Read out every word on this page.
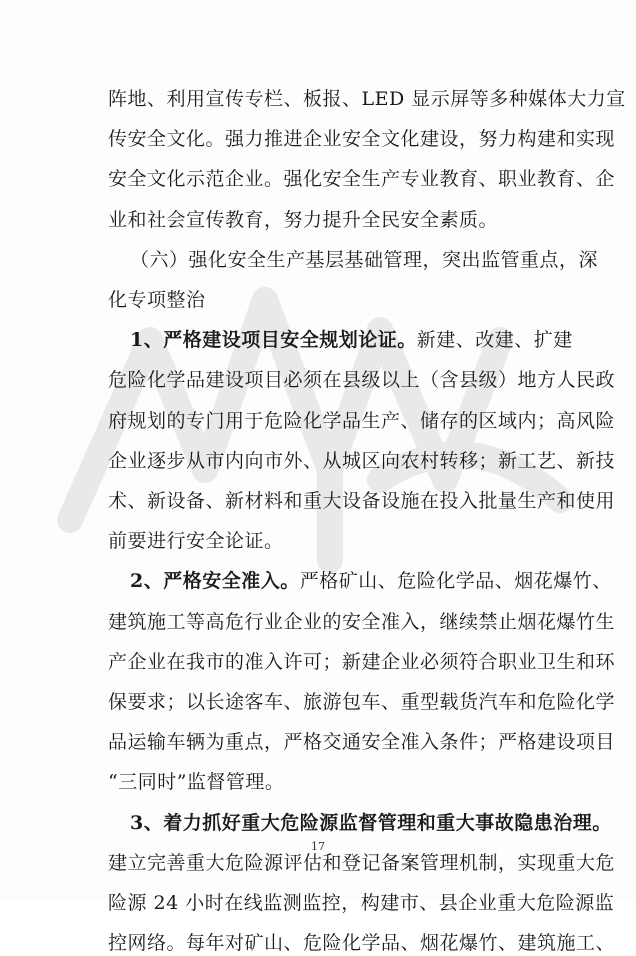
阵地、利用宣传专栏、板报、LED 显示屏等多种媒体大力宣
传安全文化。强力推进企业安全文化建设，努力构建和实现
安全文化示范企业。强化安全生产专业教育、职业教育、企
业和社会宣传教育，努力提升全民安全素质。
（六）强化安全生产基层基础管理，突出监管重点，深
化专项整治
1、严格建设项目安全规划论证。新建、改建、扩建
危险化学品建设项目必须在县级以上（含县级）地方人民政
府规划的专门用于危险化学品生产、储存的区域内；高风险
企业逐步从市内向市外、从城区向农村转移；新工艺、新技
术、新设备、新材料和重大设备设施在投入批量生产和使用
前要进行安全论证。
2、严格安全准入。严格矿山、危险化学品、烟花爆竹、
建筑施工等高危行业企业的安全准入，继续禁止烟花爆竹生
产企业在我市的准入许可；新建企业必须符合职业卫生和环
保要求；以长途客车、旅游包车、重型载货汽车和危险化学
品运输车辆为重点，严格交通安全准入条件；严格建设项目
“三同时”监督管理。
3、着力抓好重大危险源监督管理和重大事故隐患治理。
建立完善重大危险源评估和登记备案管理机制，实现重大危
险源 24 小时在线监测监控，构建市、县企业重大危险源监
控网络。每年对矿山、危险化学品、烟花爆竹、建筑施工、
17
